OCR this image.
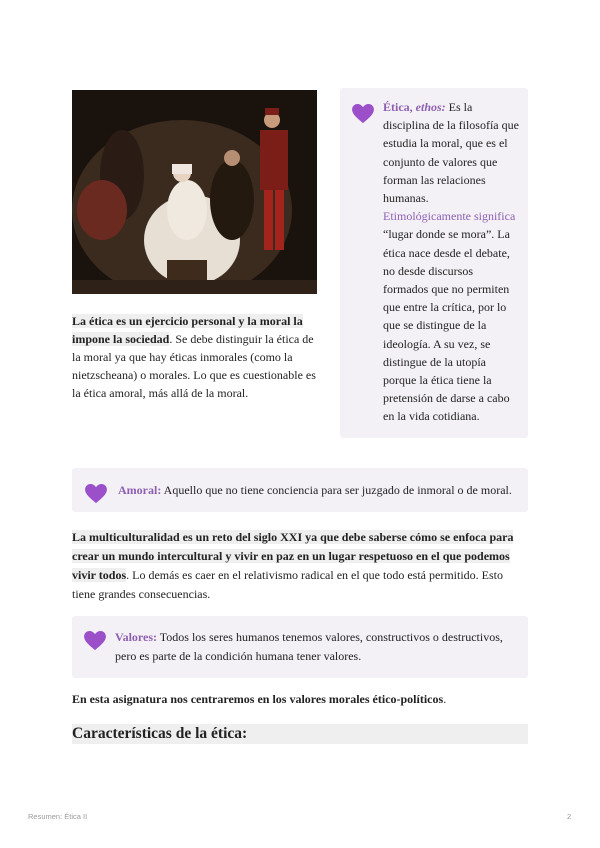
La ética es un ejercicio personal y la moral la impone la sociedad. Se debe distinguir la ética de la moral ya que hay éticas inmorales (como la nietzscheana) o morales. Lo que es cuestionable es la ética amoral, más allá de la moral.
Ética, ethos: Es la disciplina de la filosofía que estudia la moral, que es el conjunto de valores que forman las relaciones humanas.
Etimológicamente significa “lugar donde se mora”. La ética nace desde el debate, no desde discursos formados que no permiten que entre la crítica, por lo que se distingue de la ideología. A su vez, se distingue de la utopía porque la ética tiene la pretensión de darse a cabo en la vida cotidiana.
Amoral: Aquello que no tiene conciencia para ser juzgado de inmoral o de moral.
La multiculturalidad es un reto del siglo XXI ya que debe saberse cómo se enfoca para crear un mundo intercultural y vivir en paz en un lugar respetuoso en el que podemos vivir todos. Lo demás es caer en el relativismo radical en el que todo está permitido. Esto tiene grandes consecuencias.
Valores: Todos los seres humanos tenemos valores, constructivos o destructivos, pero es parte de la condición humana tener valores.
En esta asignatura nos centraremos en los valores morales ético-políticos.
Características de la ética:
Resumen: Ética II	2
